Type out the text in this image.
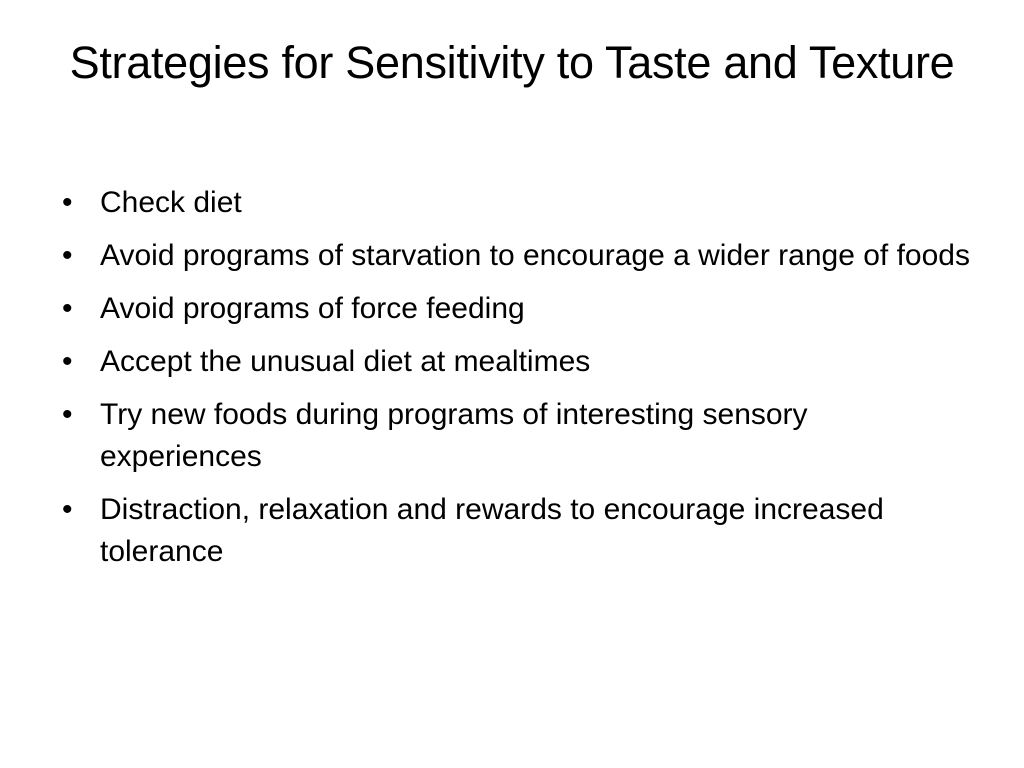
Strategies for Sensitivity to Taste and Texture
• Check diet
• Avoid programs of starvation to encourage a wider range of foods
• Avoid programs of force feeding
• Accept the unusual diet at mealtimes
• Try new foods during programs of interesting sensory experiences
• Distraction, relaxation and rewards to encourage increased tolerance
